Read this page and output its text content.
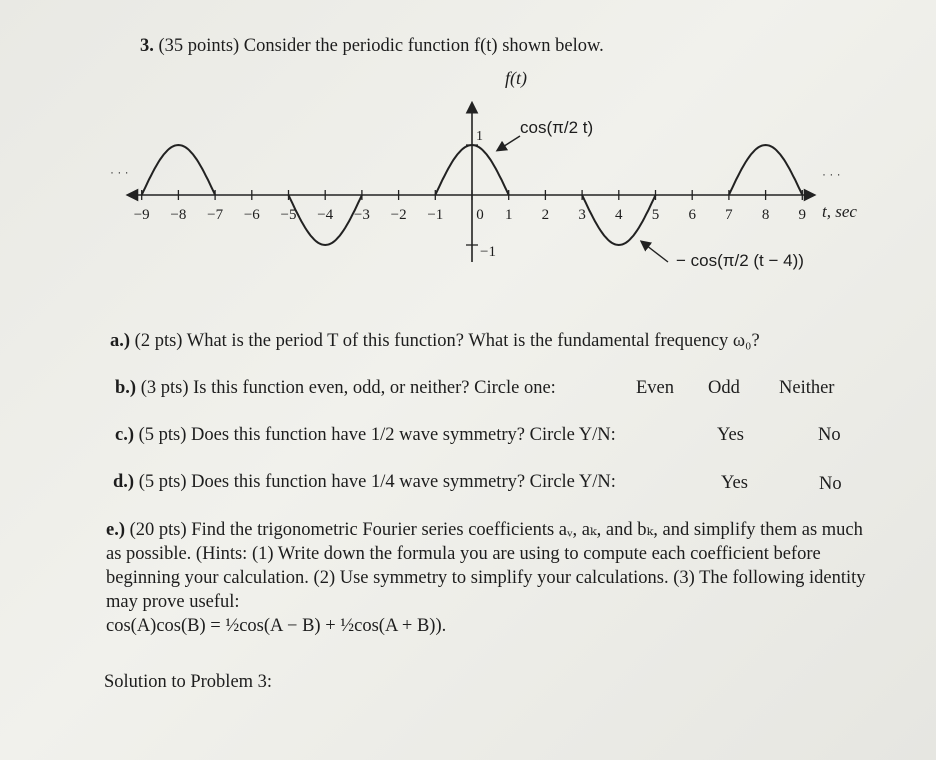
3. (35 points) Consider the periodic function f(t) shown below.
−9 −8 −7 −6 −5 −4 −3 −2 −1 0 1 2 3 4 5 6 7 8 9
f(t)
1
−1
t, sec
· · ·	· · ·
cos(π/2 t)
− cos(π/2 (t − 4))
a.) (2 pts) What is the period T of this function? What is the fundamental frequency ω₀?
b.) (3 pts) Is this function even, odd, or neither? Circle one:	Even Odd Neither
c.) (5 pts) Does this function have 1/2 wave symmetry? Circle Y/N:	Yes	No
d.) (5 pts) Does this function have 1/4 wave symmetry? Circle Y/N:	Yes	No
e.) (20 pts) Find the trigonometric Fourier series coefficients aᵥ, aₖ, and bₖ, and simplify them as much as possible. (Hints: (1) Write down the formula you are using to compute each coefficient before beginning your calculation. (2) Use symmetry to simplify your calculations. (3) The following identity may prove useful:
cos(A)cos(B) = ½cos(A − B) + ½cos(A + B)).
Solution to Problem 3:
